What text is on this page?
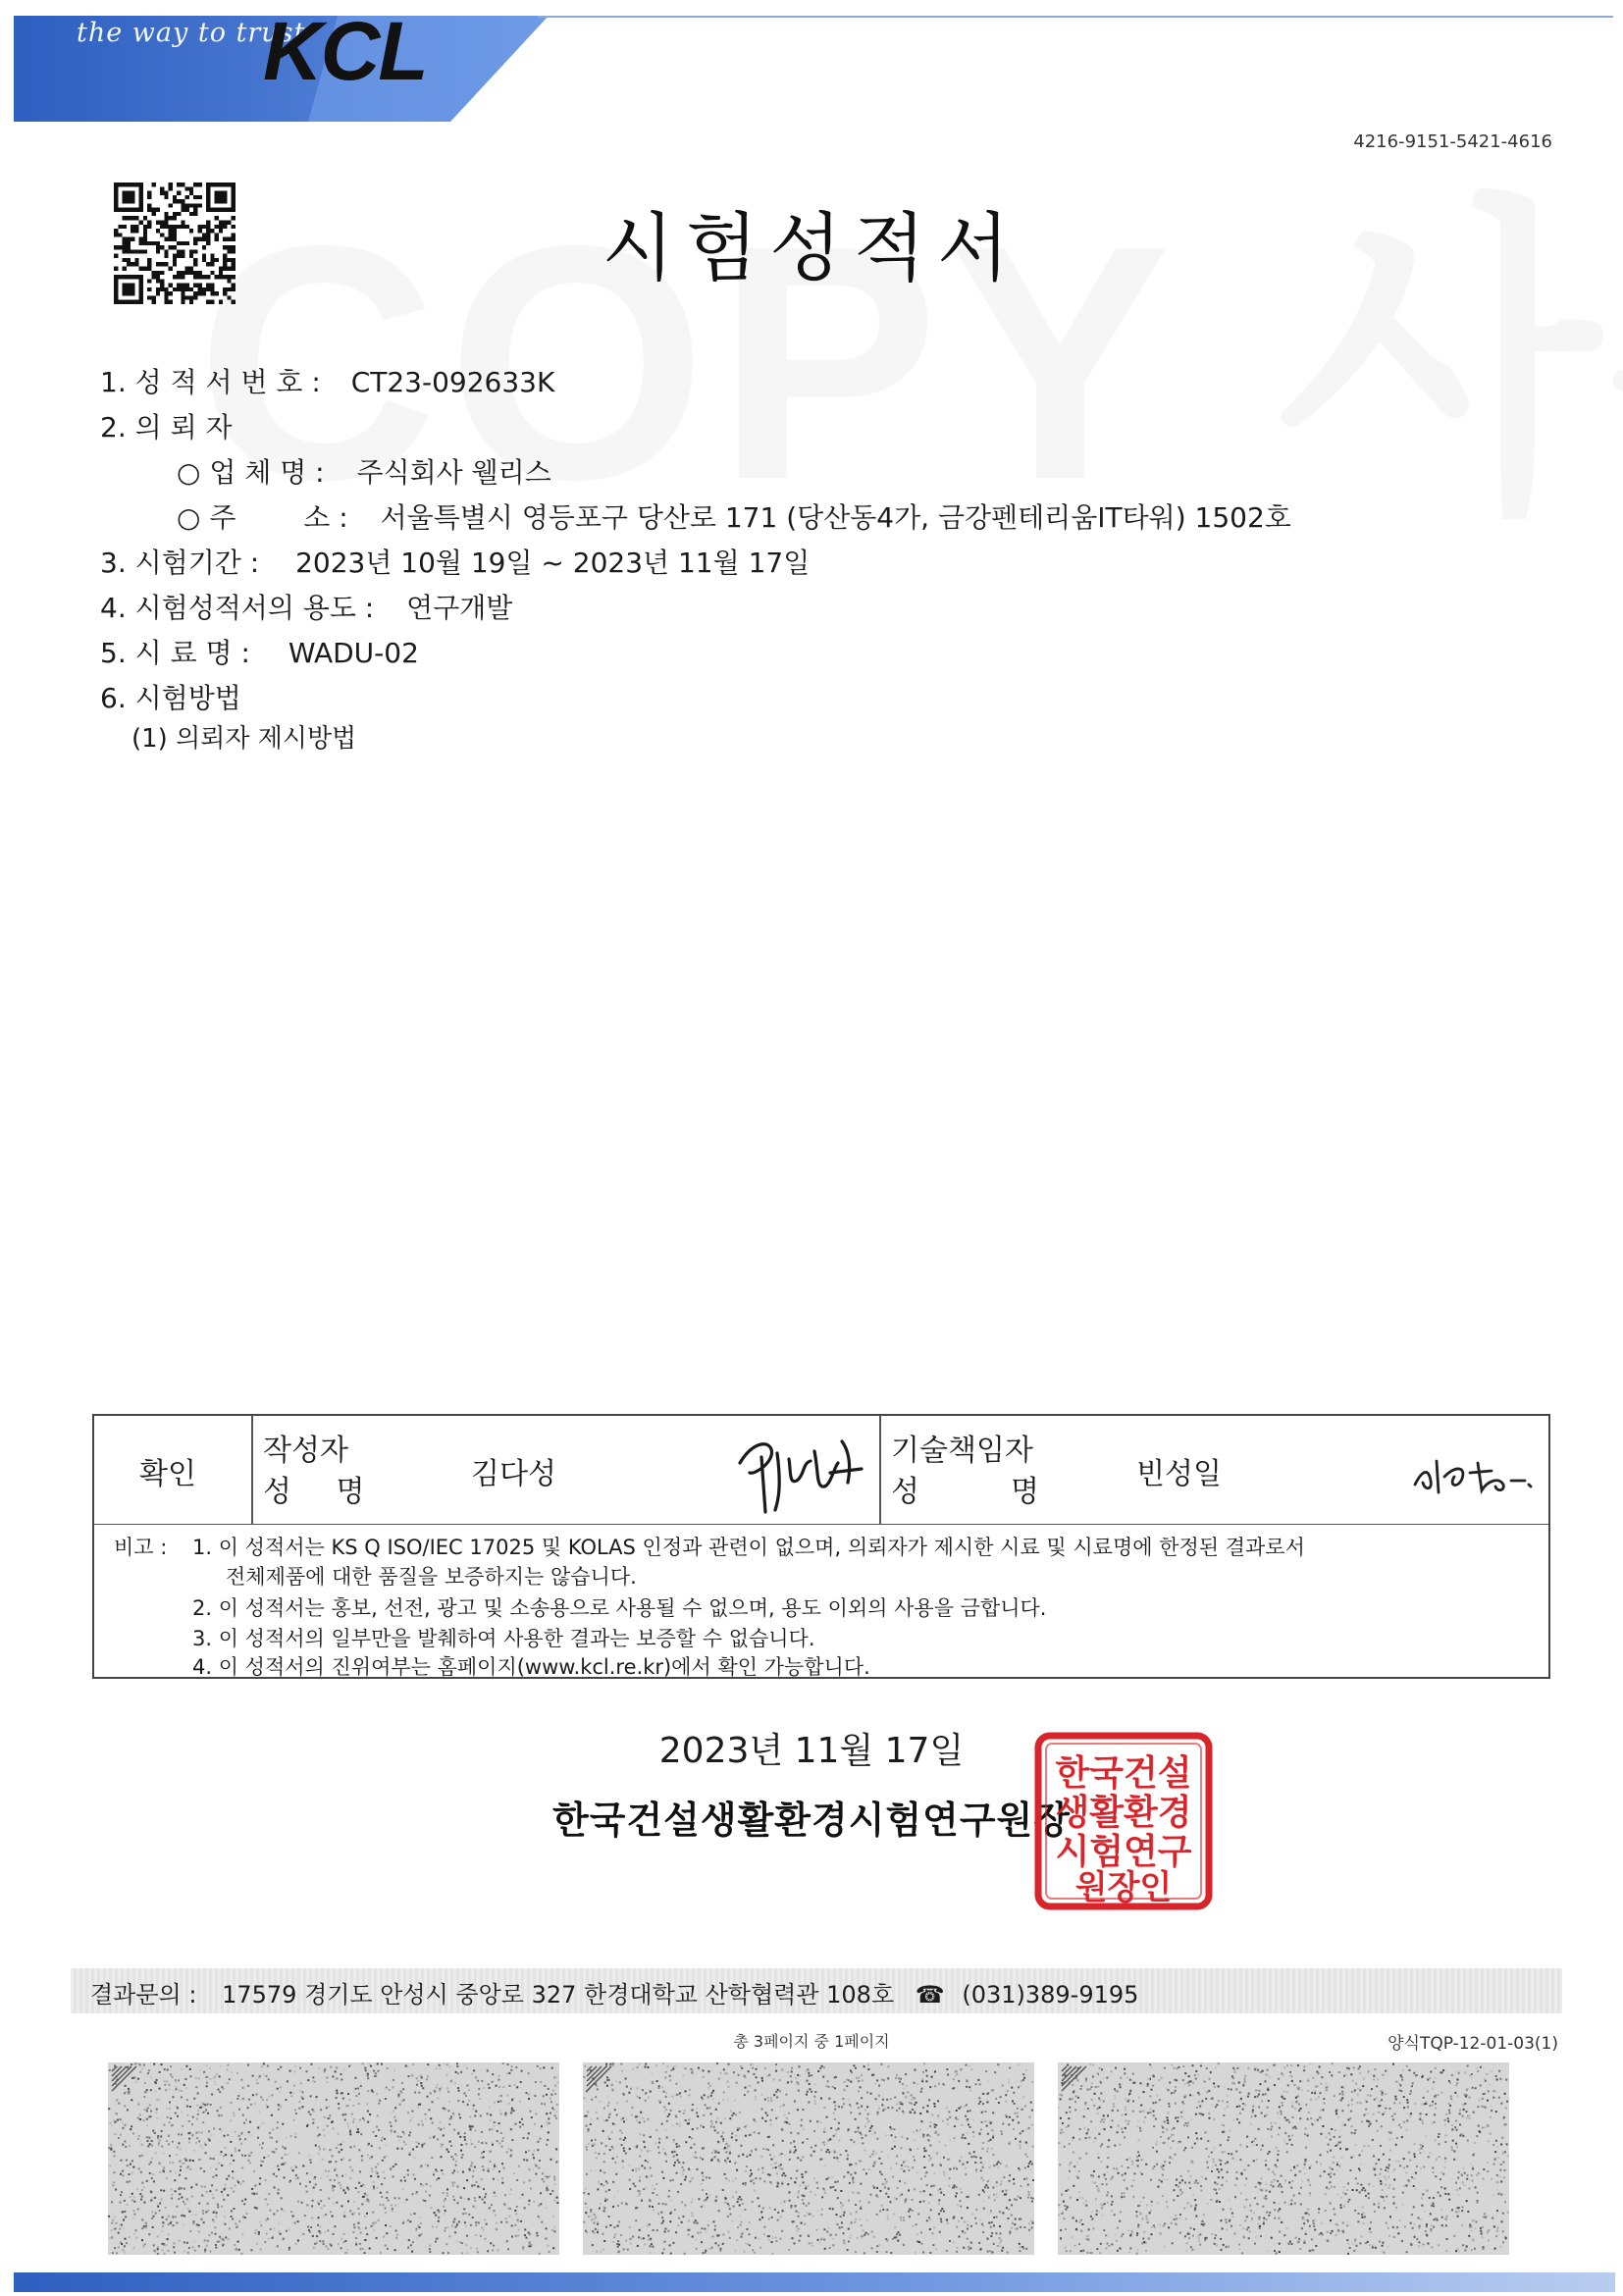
the way to trust
KCL
4216-9151-5421-4616
시험성적서
1. 성 적 서 번 호 : CT23-092633K
2. 의 뢰 자
○ 업 체 명 : 주식회사 웰리스
○ 주 소 : 서울특별시 영등포구 당산로 171 (당산동4가, 금강펜테리움IT타워) 1502호
3. 시험기간 : 2023년 10월 19일 ~ 2023년 11월 17일
4. 시험성적서의 용도 : 연구개발
5. 시 료 명 : WADU-02
6. 시험방법
(1) 의뢰자 제시방법
확인
작성자
성 명
김다성
기술책임자
성	명
빈성일
비고 : 1. 이 성적서는 KS Q ISO/IEC 17025 및 KOLAS 인정과 관련이 없으며, 의뢰자가 제시한 시료 및 시료명에 한정된 결과로서
전체제품에 대한 품질을 보증하지는 않습니다.
2. 이 성적서는 홍보, 선전, 광고 및 소송용으로 사용될 수 없으며, 용도 이외의 사용을 금합니다.
3. 이 성적서의 일부만을 발췌하여 사용한 결과는 보증할 수 없습니다.
4. 이 성적서의 진위여부는 홈페이지(www.kcl.re.kr)에서 확인 가능합니다.
2023년 11월 17일
한국건설생활환경시험연구원장
한국건설
생활환경
시험연구
원장인
결과문의 : 17579 경기도 안성시 중앙로 327 한경대학교 산학협력관 108호 ☎ (031)389-9195
총 3페이지 중 1페이지	양식TQP-12-01-03(1)
